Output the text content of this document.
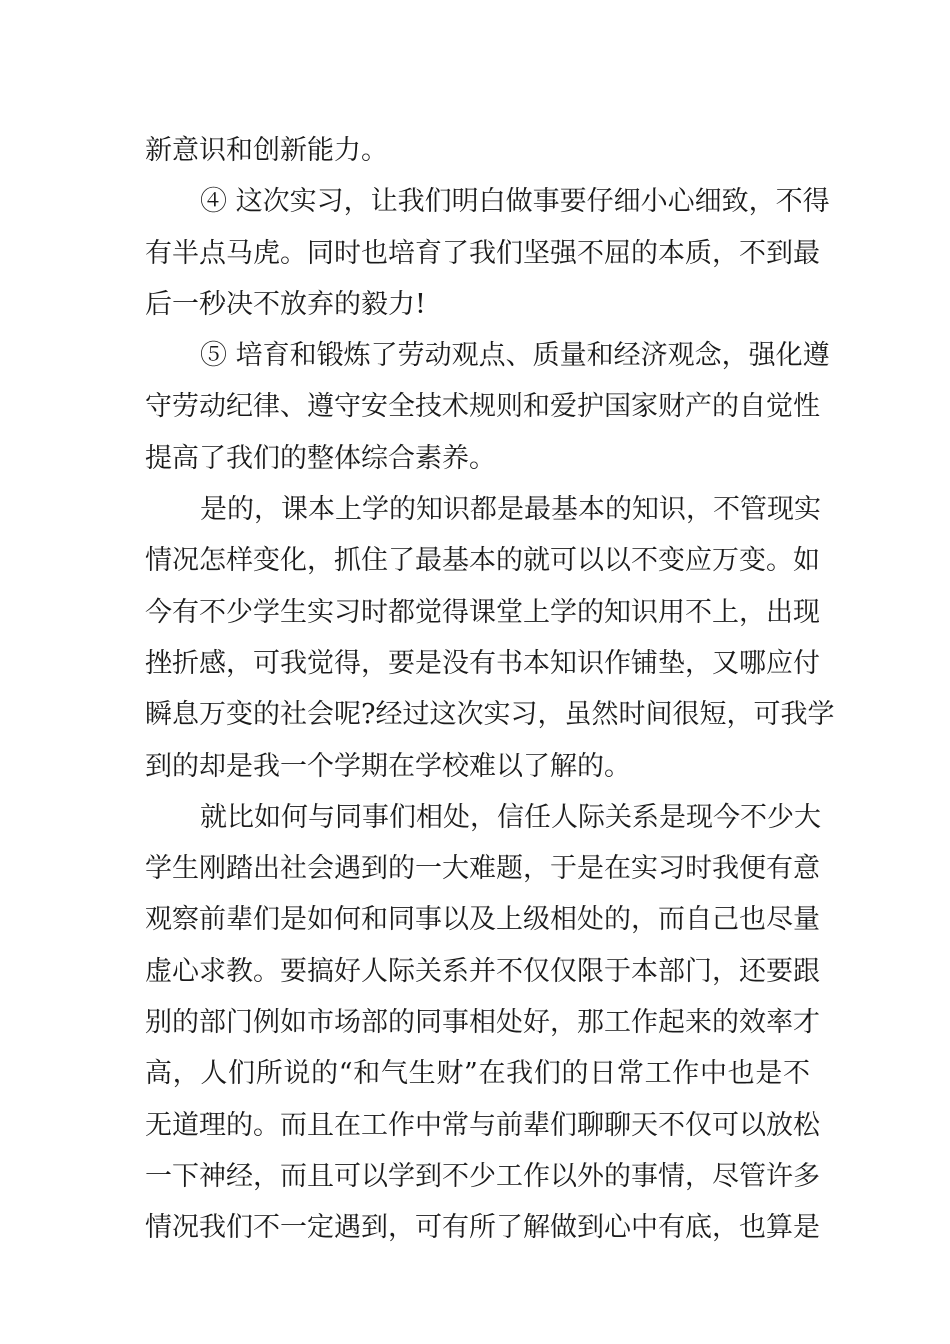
新意识和创新能力。
④ 这次实习，让我们明白做事要仔细小心细致，不得
有半点马虎。同时也培育了我们坚强不屈的本质，不到最
后一秒决不放弃的毅力!
⑤ 培育和锻炼了劳动观点、质量和经济观念，强化遵
守劳动纪律、遵守安全技术规则和爱护国家财产的自觉性
提高了我们的整体综合素养。
是的，课本上学的知识都是最基本的知识，不管现实
情况怎样变化，抓住了最基本的就可以以不变应万变。如
今有不少学生实习时都觉得课堂上学的知识用不上，出现
挫折感，可我觉得，要是没有书本知识作铺垫，又哪应付
瞬息万变的社会呢?经过这次实习，虽然时间很短，可我学
到的却是我一个学期在学校难以了解的。
就比如何与同事们相处，信任人际关系是现今不少大
学生刚踏出社会遇到的一大难题，于是在实习时我便有意
观察前辈们是如何和同事以及上级相处的，而自己也尽量
虚心求教。要搞好人际关系并不仅仅限于本部门，还要跟
别的部门例如市场部的同事相处好，那工作起来的效率才
高，人们所说的“和气生财”在我们的日常工作中也是不
无道理的。而且在工作中常与前辈们聊聊天不仅可以放松
一下神经，而且可以学到不少工作以外的事情，尽管许多
情况我们不一定遇到，可有所了解做到心中有底，也算是
